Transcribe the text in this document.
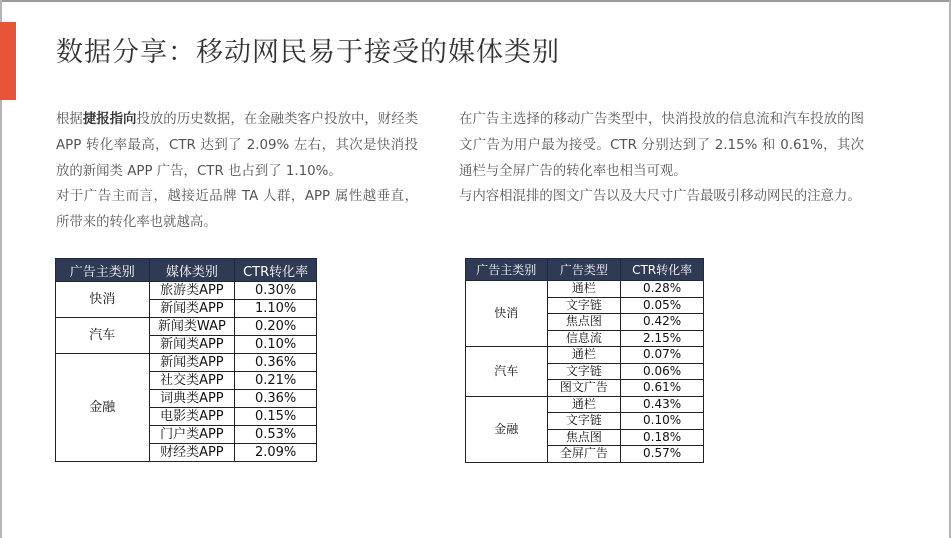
数据分享：移动网民易于接受的媒体类别
根据捷报指向投放的历史数据，在金融类客户投放中，财经类 APP 转化率最高，CTR 达到了 2.09% 左右，其次是快消投放的新闻类 APP 广告，CTR 也占到了 1.10%。
对于广告主而言，越接近品牌 TA 人群，APP 属性越垂直，所带来的转化率也就越高。
在广告主选择的移动广告类型中，快消投放的信息流和汽车投放的图文广告为用户最为接受。CTR 分别达到了 2.15% 和 0.61%，其次通栏与全屏广告的转化率也相当可观。
与内容相混排的图文广告以及大尺寸广告最吸引移动网民的注意力。
广告主类别	媒体类别	CTR转化率
快消	旅游类APP	0.30%
	新闻类APP	1.10%
汽车	新闻类WAP	0.20%
	新闻类APP	0.10%
金融	新闻类APP	0.36%
	社交类APP	0.21%
	词典类APP	0.36%
	电影类APP	0.15%
	门户类APP	0.53%
	财经类APP	2.09%
广告主类别	广告类型	CTR转化率
快消	通栏	0.28%
	文字链	0.05%
	焦点图	0.42%
	信息流	2.15%
汽车	通栏	0.07%
	文字链	0.06%
	图文广告	0.61%
金融	通栏	0.43%
	文字链	0.10%
	焦点图	0.18%
	全屏广告	0.57%
